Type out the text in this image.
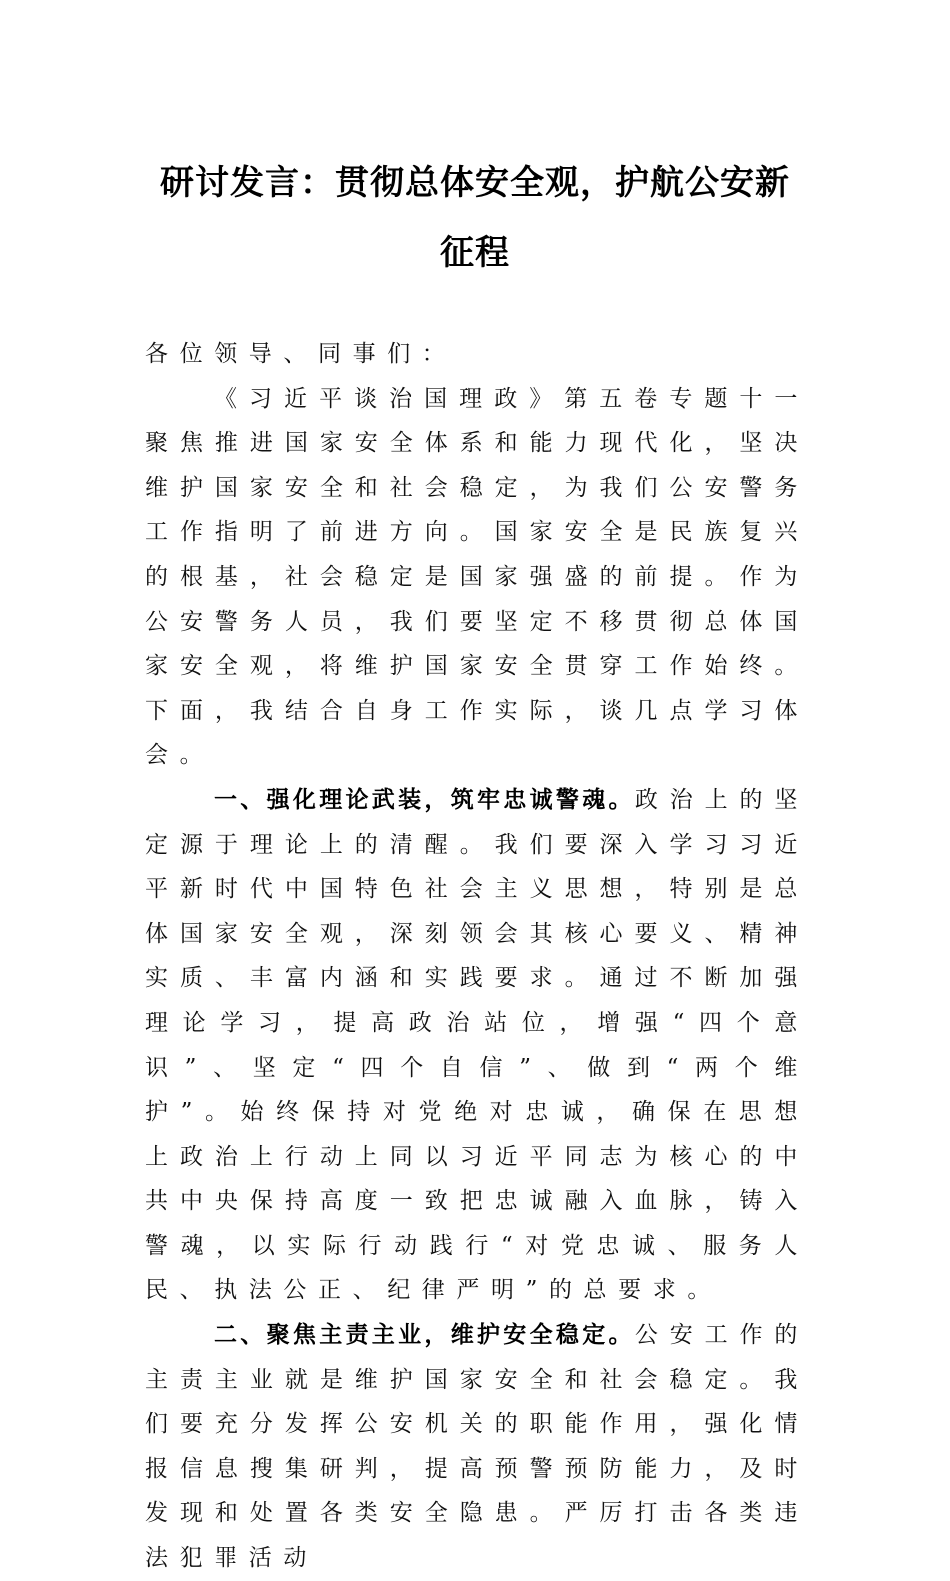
研讨发言：贯彻总体安全观，护航公安新征程

各位领导、同事们：

《习近平谈治国理政》第五卷专题十一聚焦推进国家安全体系和能力现代化，坚决维护国家安全和社会稳定，为我们公安警务工作指明了前进方向。国家安全是民族复兴的根基，社会稳定是国家强盛的前提。作为公安警务人员，我们要坚定不移贯彻总体国家安全观，将维护国家安全贯穿工作始终。下面，我结合自身工作实际，谈几点学习体会。

一、强化理论武装，筑牢忠诚警魂。政治上的坚定源于理论上的清醒。我们要深入学习习近平新时代中国特色社会主义思想，特别是总体国家安全观，深刻领会其核心要义、精神实质、丰富内涵和实践要求。通过不断加强理论学习，提高政治站位，增强“四个意识”、坚定“四个自信”、做到“两个维护”。始终保持对党绝对忠诚，确保在思想上政治上行动上同以习近平同志为核心的中共中央保持高度一致把忠诚融入血脉，铸入警魂，以实际行动践行“对党忠诚、服务人民、执法公正、纪律严明”的总要求。

二、聚焦主责主业，维护安全稳定。公安工作的主责主业就是维护国家安全和社会稳定。我们要充分发挥公安机关的职能作用，强化情报信息搜集研判，提高预警预防能力，及时发现和处置各类安全隐患。严厉打击各类违法犯罪活动
